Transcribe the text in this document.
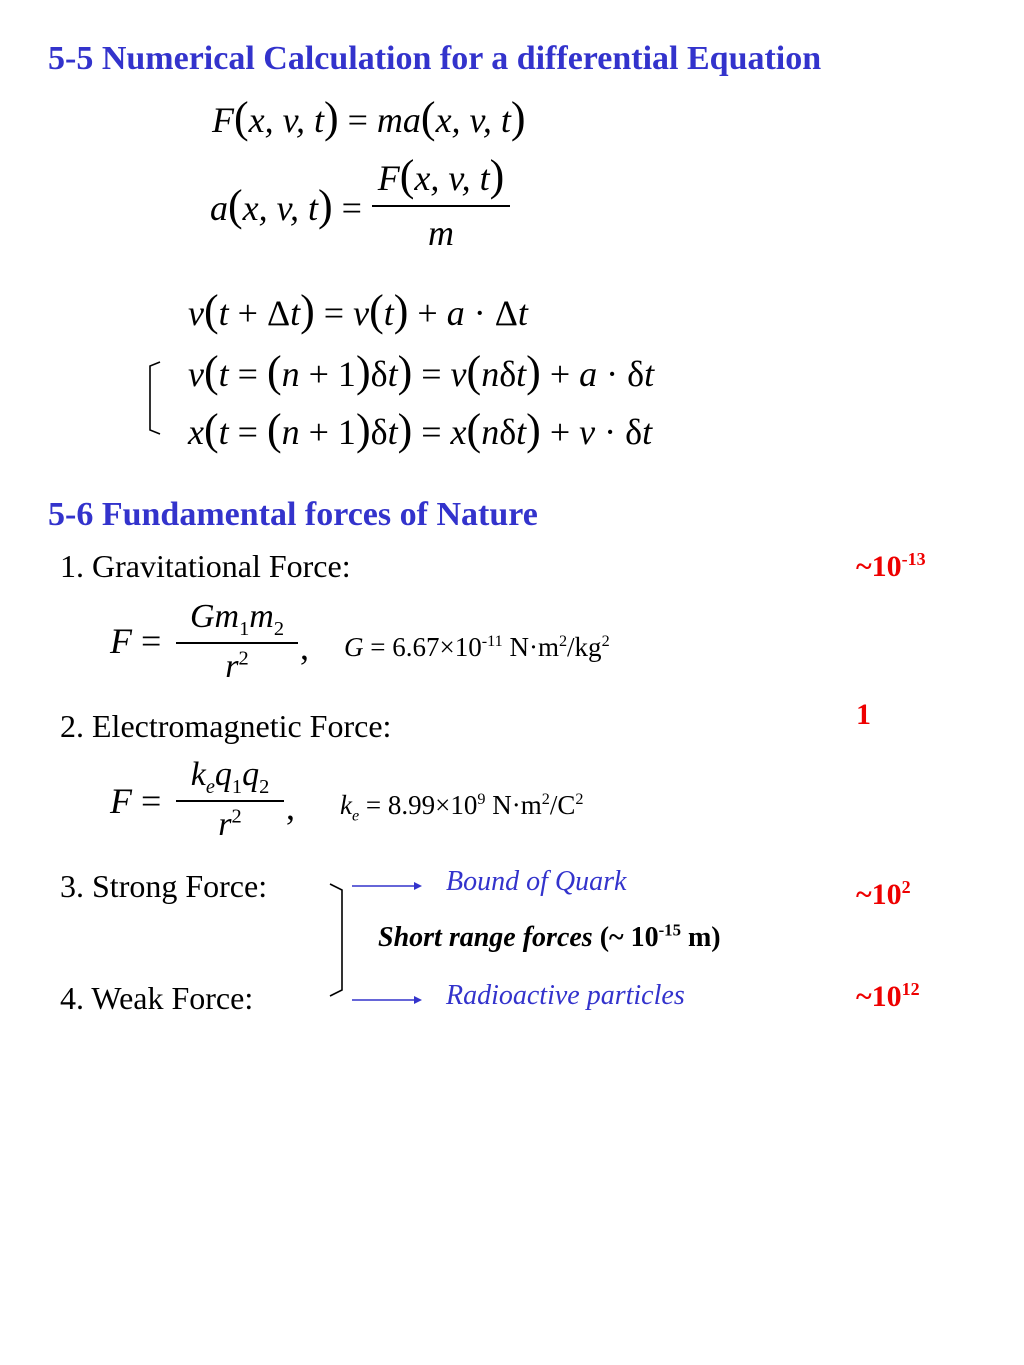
5-5 Numerical Calculation for a differential Equation
F(x, v, t) = ma(x, v, t)
a(x, v, t) =
F(x, v, t)
m
v(t + Δt) = v(t) + a · Δt
v(t = (n + 1)δt) = v(nδt) + a · δt
x(t = (n + 1)δt) = x(nδt) + v · δt
5-6 Fundamental forces of Nature
1. Gravitational Force:	$\sim 10^{-13}$
F =
$Gm_1m_2$
$r^2$	, $G = 6.67\times 10^{-11}$ $N\cdot m^2/kg^2$
2. Electromagnetic Force:	1
F =
$k_eq_1q_2$
$r^2$	, $k_e = 8.99\times 10^9$ $N\cdot m^2/C^2$
3. Strong Force:	Bound of Quark	$\sim 10^2$
Short range forces (~ $10^{-15}$ m)
4. Weak Force:	Radioactive particles	$\sim 10^{12}$
